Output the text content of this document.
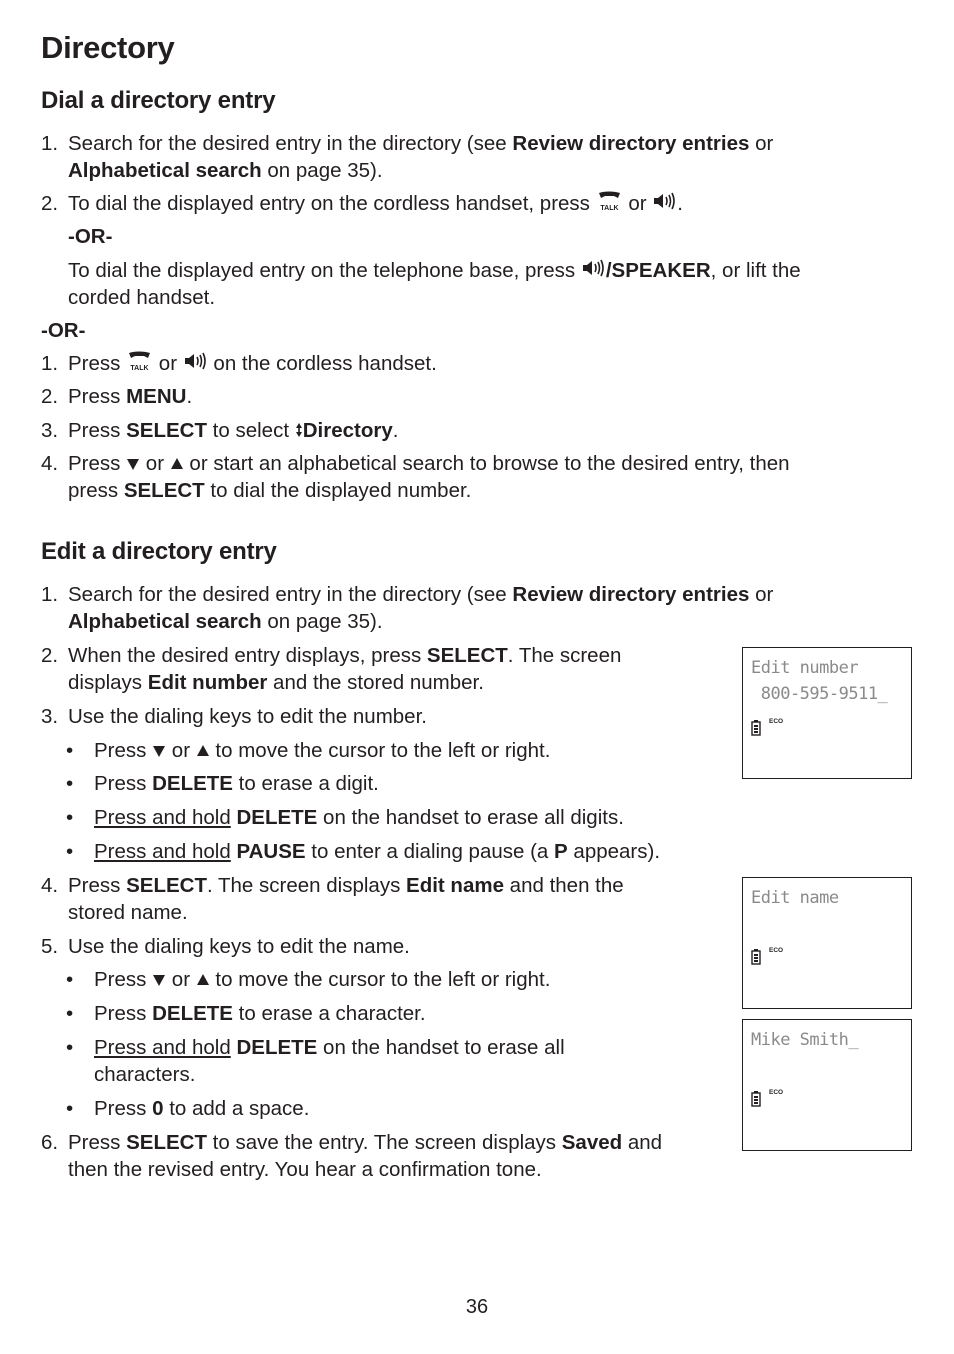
Directory
Dial a directory entry
1. Search for the desired entry in the directory (see Review directory entries or
Alphabetical search on page 35).
2. To dial the displayed entry on the cordless handset, press TALK or .
-OR-
To dial the displayed entry on the telephone base, press /SPEAKER, or lift the
corded handset.
-OR-
1. Press TALK or  on the cordless handset.
2. Press MENU.
3. Press SELECT to select Directory.
4. Press  or  or start an alphabetical search to browse to the desired entry, then
press SELECT to dial the displayed number.
Edit a directory entry
1. Search for the desired entry in the directory (see Review directory entries or
Alphabetical search on page 35).
2. When the desired entry displays, press SELECT. The screen
displays Edit number and the stored number.
3. Use the dialing keys to edit the number.
• Press  or  to move the cursor to the left or right.
• Press DELETE to erase a digit.
• Press and hold DELETE on the handset to erase all digits.
• Press and hold PAUSE to enter a dialing pause (a P appears).
4. Press SELECT. The screen displays Edit name and then the
stored name.
5. Use the dialing keys to edit the name.
• Press  or  to move the cursor to the left or right.
• Press DELETE to erase a character.
• Press and hold DELETE on the handset to erase all
characters.
• Press 0 to add a space.
6. Press SELECT to save the entry. The screen displays Saved and
then the revised entry. You hear a confirmation tone.
Edit number
800-595-9511_
ECO
Edit name
ECO
Mike Smith_
ECO
36
